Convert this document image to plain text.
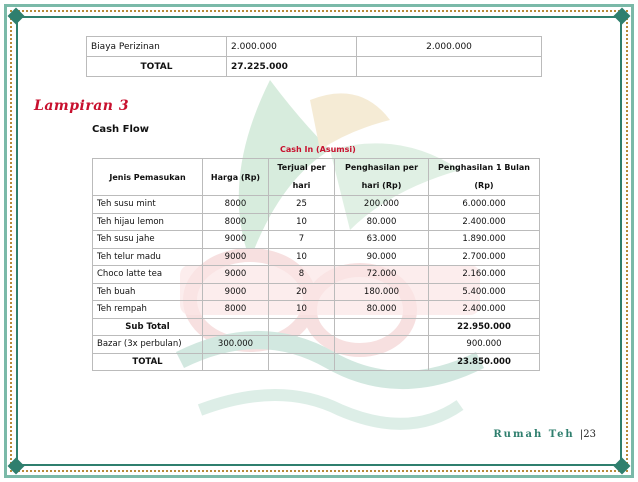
Biaya Perizinan	2.000.000	2.000.000
TOTAL	27.225.000	
Lampiran 3
Cash Flow
Cash In (Asumsi)
Jenis Pemasukan	Harga (Rp)	Terjual per hari	Penghasilan per hari (Rp)	Penghasilan 1 Bulan (Rp)
Teh susu mint	8000	25	200.000	6.000.000
Teh hijau lemon	8000	10	80.000	2.400.000
Teh susu jahe	9000	7	63.000	1.890.000
Teh telur madu	9000	10	90.000	2.700.000
Choco latte tea	9000	8	72.000	2.160.000
Teh buah	9000	20	180.000	5.400.000
Teh rempah	8000	10	80.000	2.400.000
Sub Total				22.950.000
Bazar (3x perbulan)	300.000			900.000
TOTAL				23.850.000
Rumah Teh |23
